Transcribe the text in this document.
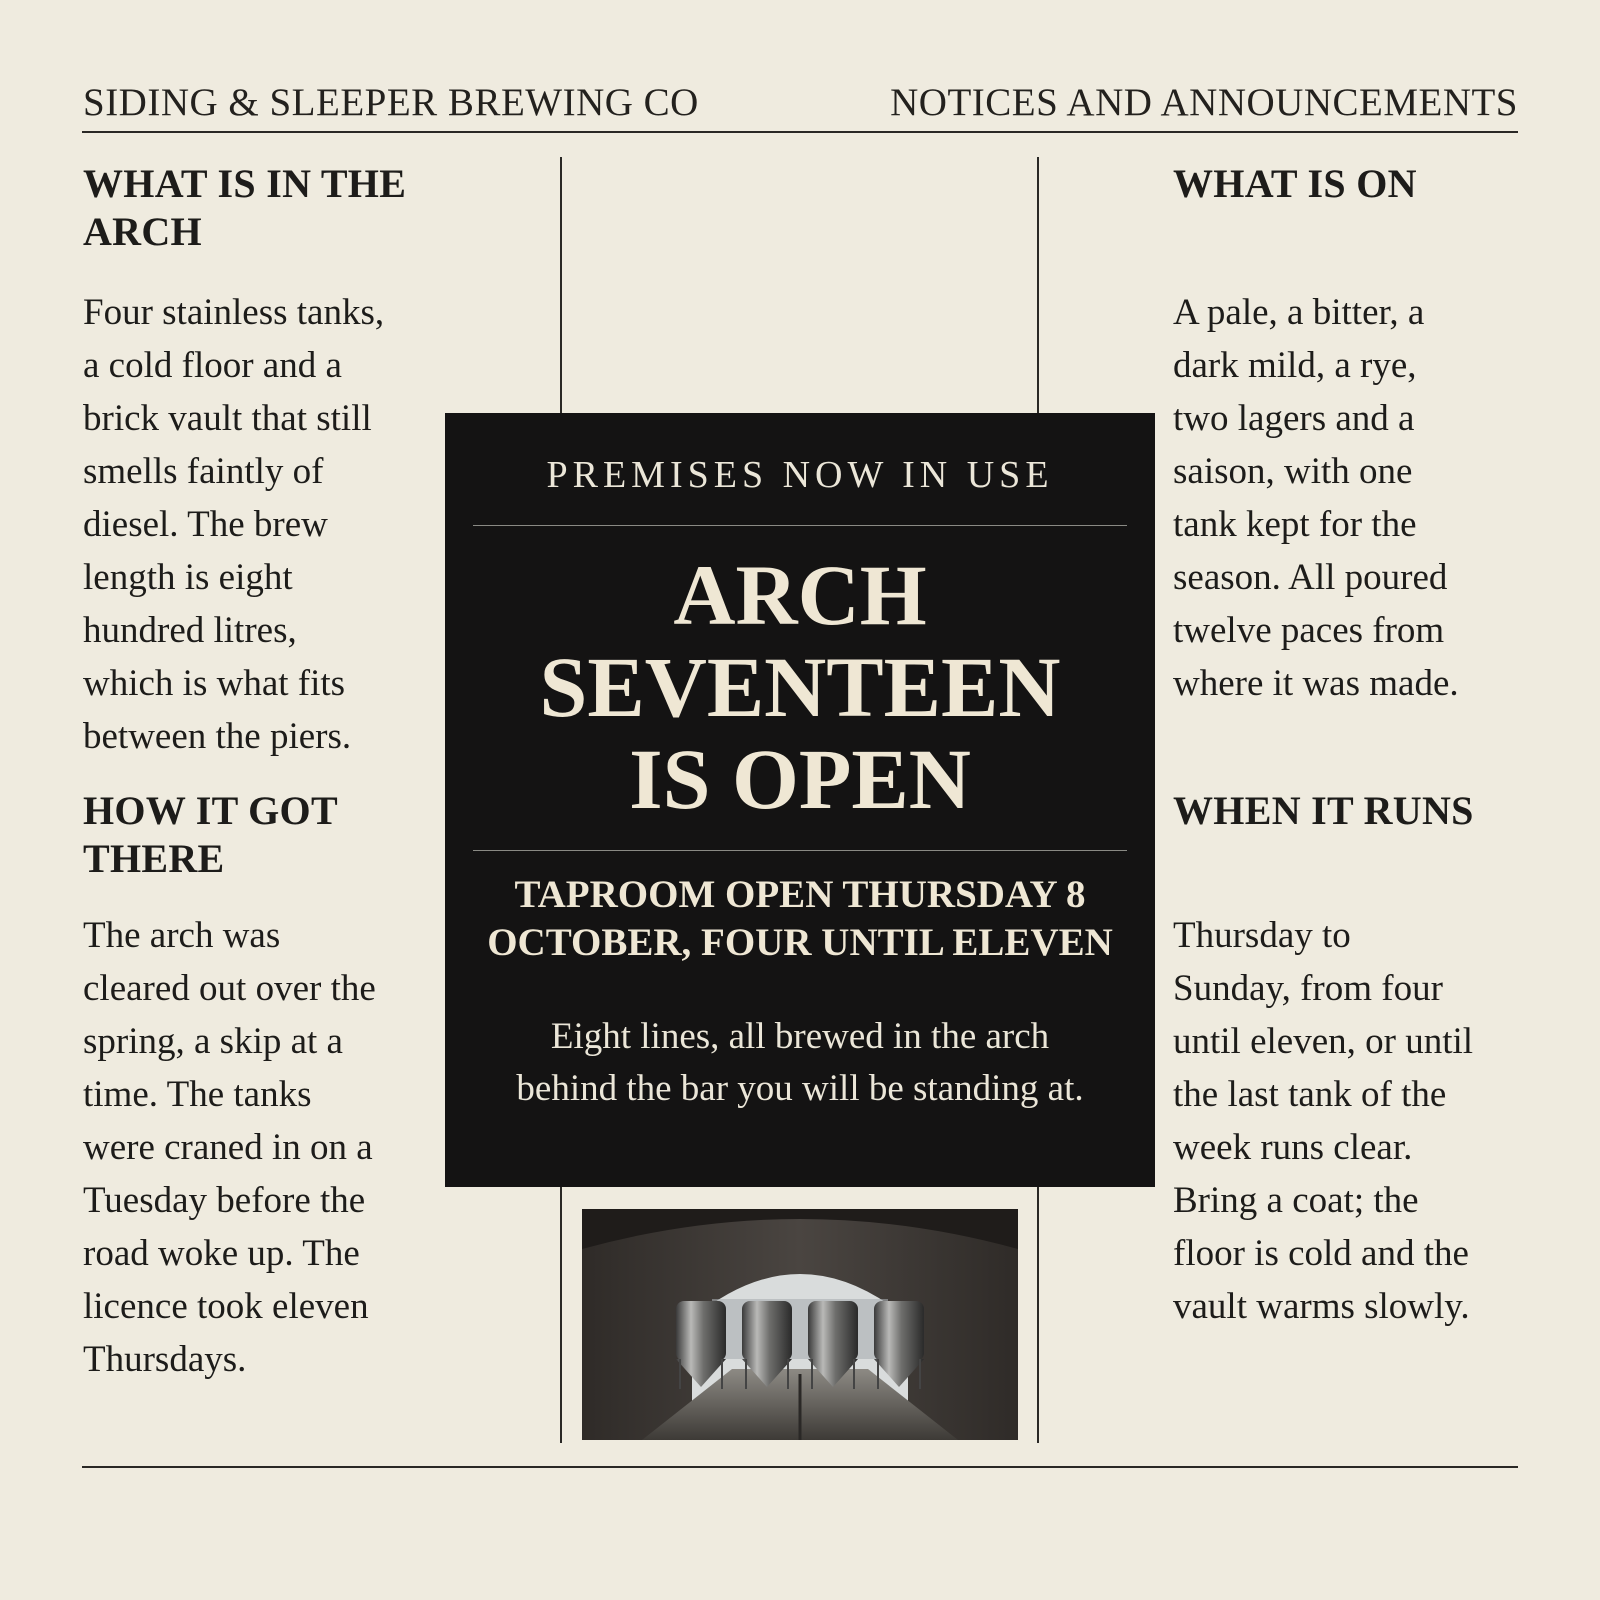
SIDING & SLEEPER BREWING CO	NOTICES AND ANNOUNCEMENTS
WHAT IS IN THE
ARCH

Four stainless tanks,
a cold floor and a
brick vault that still
smells faintly of
diesel. The brew
length is eight
hundred litres,
which is what fits
between the piers.

HOW IT GOT
THERE

The arch was
cleared out over the
spring, a skip at a
time. The tanks
were craned in on a
Tuesday before the
road woke up. The
licence took eleven
Thursdays.

WHAT IS ON

A pale, a bitter, a
dark mild, a rye,
two lagers and a
saison, with one
tank kept for the
season. All poured
twelve paces from
where it was made.

WHEN IT RUNS

Thursday to
Sunday, from four
until eleven, or until
the last tank of the
week runs clear.
Bring a coat; the
floor is cold and the
vault warms slowly.

PREMISES NOW IN USE
ARCH
SEVENTEEN
IS OPEN
TAPROOM OPEN THURSDAY 8
OCTOBER, FOUR UNTIL ELEVEN
Eight lines, all brewed in the arch
behind the bar you will be standing at.
